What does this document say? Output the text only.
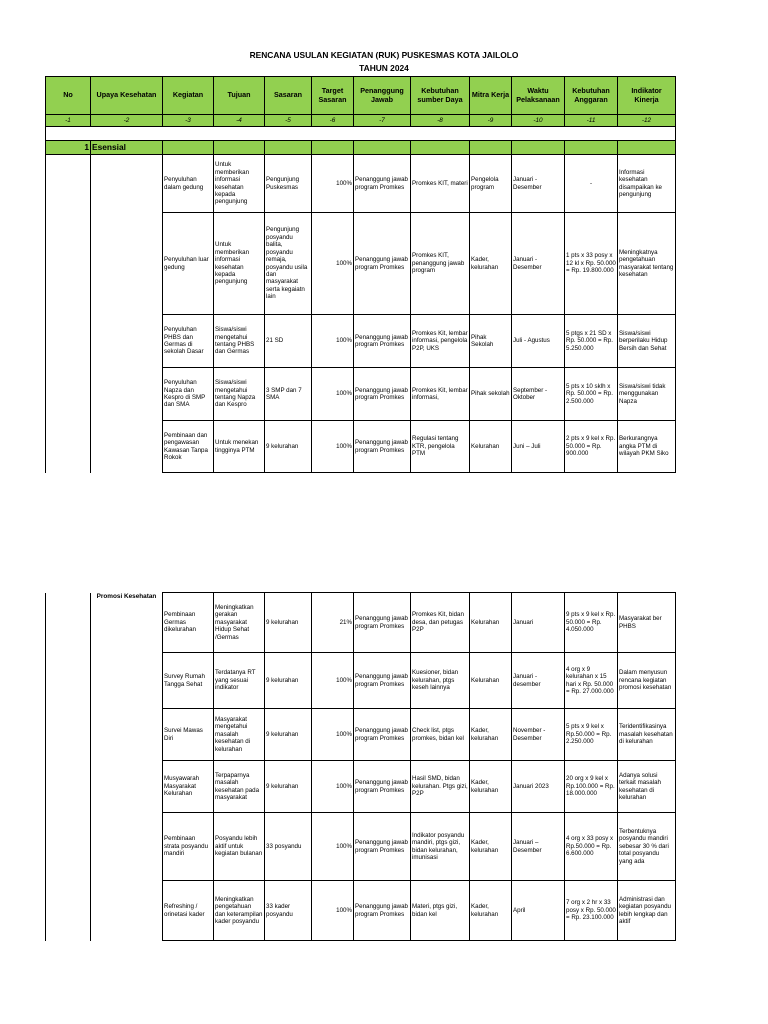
RENCANA USULAN KEGIATAN (RUK) PUSKESMAS KOTA JAILOLO
TAHUN 2024
No	Upaya Kesehatan	Kegiatan	Tujuan	Sasaran	Target Sasaran	Penanggung Jawab	Kebutuhan sumber Daya	Mitra Kerja	Waktu Pelaksanaan	Kebutuhan Anggaran	Indikator Kinerja
-1	-2	-3	-4	-5	-6	-7	-8	-9	-10	-11	-12

1	Esensial										
		Penyuluhan dalam gedung	Untuk memberikan informasi kesehatan kepada pengunjung	Pengunjung Puskesmas	100%	Penanggung jawab program Promkes	Promkes KIT, materi	Pengelola program	Januari - Desember	-	Informasi kesehatan disampaikan ke pengunjung
		Penyuluhan luar gedung	Untuk memberikan informasi kesehatan kepada pengunjung	Pengunjung posyandu balita, posyandu remaja, posyandu usila dan masyarakat serta kegaiatn lain	100%	Penanggung jawab program Promkes	Promkes KIT, penanggung jawab program	Kader, kelurahan	Januari - Desember	1 pts x 33 posy x 12 kl x Rp. 50.000 = Rp. 19.800.000	Meningkatnya pengetahuan masyarakat tentang kesehatan
		Penyuluhan PHBS dan Germas di sekolah Dasar	Siswa/siswi mengetahui tentang PHBS dan Germas	21 SD	100%	Penanggung jawab program Promkes	Promkes Kit, lembar informasi, pengelola P2P, UKS	Pihak Sekolah	Juli - Agustus	5 ptgs x 21 SD x Rp. 50.000 = Rp. 5.250.000	Siswa/siswi berperilaku Hidup Bersih dan Sehat
		Penyuluhan Napza dan Kespro di SMP dan SMA	Siswa/siswi mengetahui tentang Napza dan Kespro	3 SMP dan 7 SMA	100%	Penanggung jawab program Promkes	Promkes Kit, lembar informasi,	Pihak sekolah	September - Oktober	5 pts x 10 sklh x Rp. 50.000 = Rp. 2.500.000	Siswa/siswi tidak menggunakan Napza
		Pembinaan dan pengawasan Kawasan Tanpa Rokok	Untuk menekan tingginya PTM	9 kelurahan	100%	Penanggung jawab program Promkes	Regulasi tentang KTR, pengelola PTM	Kelurahan	Juni – Juli	2 pts x 9 kel x Rp. 50.000 = Rp. 900.000	Berkurangnya angka PTM di wilayah PKM Siko
	Promosi Kesehatan	Pembinaan Germas dikelurahan	Meningkatkan gerakan masyarakat Hidup Sehat /Germas	9 kelurahan	21%	Penanggung jawab program Promkes	Promkes Kit, bidan desa, dan petugas P2P	Kelurahan	Januari	9 pts x 9 kel x Rp. 50.000 = Rp. 4.050.000	Masyarakat ber PHBS
		Survey Rumah Tangga Sehat	Terdatanya RT yang sesuai indikator	9 kelurahan	100%	Penanggung jawab program Promkes	Kuesioner, bidan kelurahan, ptgs keseh lainnya	Kelurahan	Januari - desember	4 org x 9 kelurahan x 15 hari x Rp. 50.000 = Rp. 27.000.000	Dalam menyusun rencana kegiatan promosi kesehatan
		Survei Mawas Diri	Masyarakat mengetahui masalah kesehatan di kelurahan	9 kelurahan	100%	Penanggung jawab program Promkes	Check list, ptgs promkes, bidan kel	Kader, kelurahan	November - Desember	5 pts x 9 kel x Rp.50.000 = Rp. 2.250.000	Teridentifikasinya masalah kesehatan di kelurahan
		Musyawarah Masyarakat Kelurahan	Terpaparnya masalah kesehatan pada masyarakat	9 kelurahan	100%	Penanggung jawab program Promkes	Hasil SMD, bidan kelurahan. Ptgs gizi, P2P	Kader, kelurahan	Januari 2023	20 org x 9 kel x Rp.100.000 = Rp. 18.000.000	Adanya solusi terkait masalah kesehatan di kelurahan
		Pembinaan strata posyandu mandiri	Posyandu lebih aktif untuk kegiatan bulanan	33 posyandu	100%	Penanggung jawab program Promkes	Indikator posyandu mandiri, ptgs gizi, bidan kelurahan, imunisasi	Kader, kelurahan	Januari – Desember	4 org x 33 posy x Rp.50.000 = Rp. 6.600.000	Terbentuknya posyandu mandiri sebesar 30 % dari total posyandu yang ada
		Refreshing / orinetasi kader	Meningkatkan pengetahuan dan keterampilan kader posyandu	33 kader posyandu	100%	Penanggung jawab program Promkes	Materi, ptgs gizi, bidan kel	Kader, kelurahan	April	7 org x 2 hr x 33 posy x Rp. 50.000 = Rp. 23.100.000	Administrasi dan kegiatan posyandu lebih lengkap dan aktif
